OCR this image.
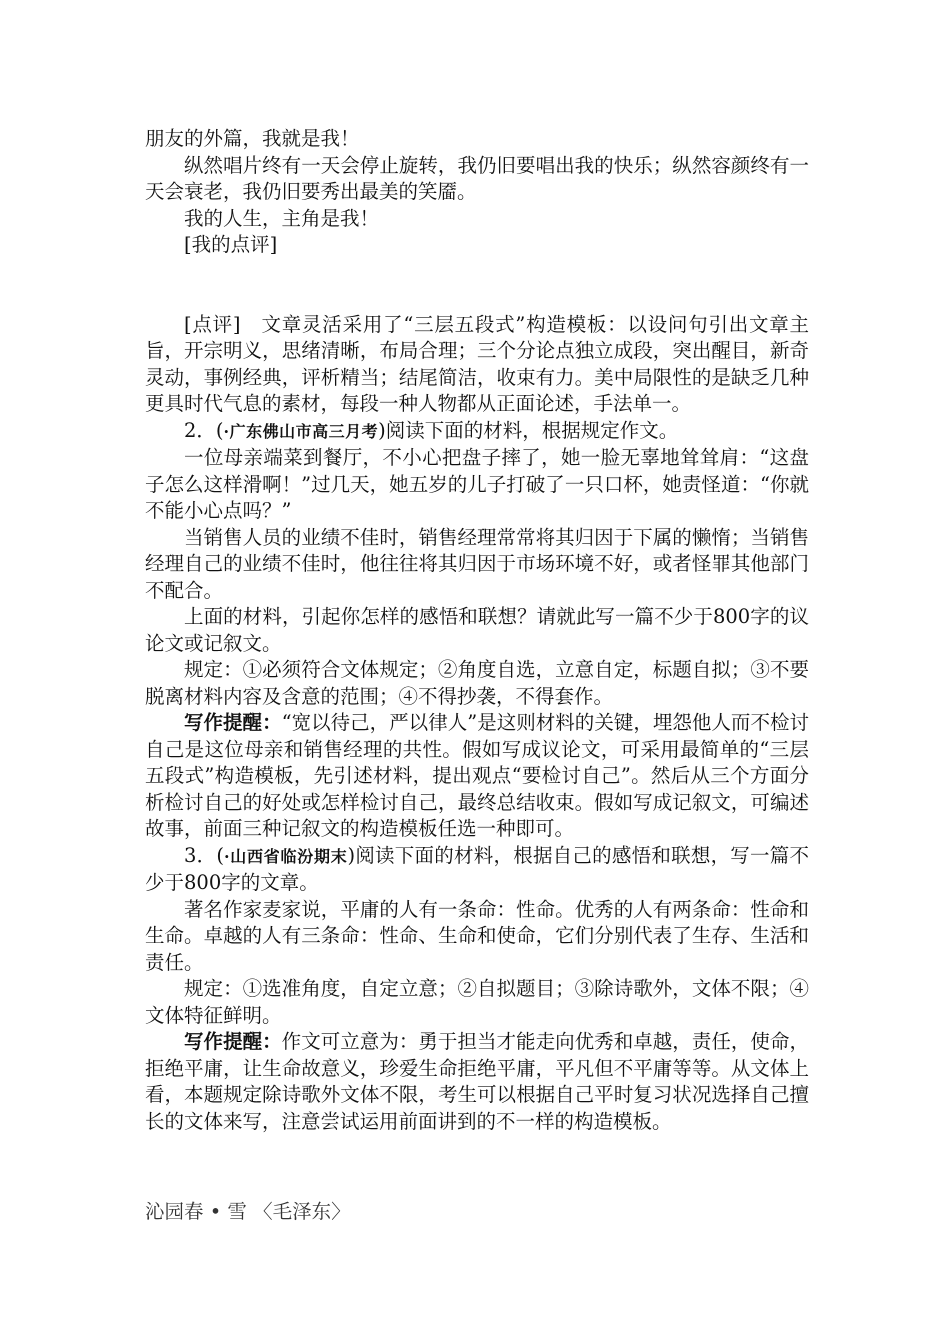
朋友的外篇，我就是我！

纵然唱片终有一天会停止旋转，我仍旧要唱出我的快乐；纵然容颜终有一天会衰老，我仍旧要秀出最美的笑靥。

我的人生，主角是我！

[我的点评]

[点评]　 文章灵活采用了“三层五段式”构造模板：以设问句引出文章主旨，开宗明义，思绪清晰，布局合理；三个分论点独立成段，突出醒目，新奇灵动，事例经典，评析精当；结尾简洁，收束有力。美中局限性的是缺乏几种更具时代气息的素材，每段一种人物都从正面论述，手法单一。

2．(·广东佛山市高三月考)阅读下面的材料，根据规定作文。

一位母亲端菜到餐厅，不小心把盘子摔了，她一脸无辜地耸耸肩：“这盘子怎么这样滑啊！”过几天，她五岁的儿子打破了一只口杯，她责怪道：“你就不能小心点吗？”

当销售人员的业绩不佳时，销售经理常常将其归因于下属的懒惰；当销售经理自己的业绩不佳时，他往往将其归因于市场环境不好，或者怪罪其他部门不配合。

上面的材料，引起你怎样的感悟和联想？请就此写一篇不少于800字的议论文或记叙文。

规定：①必须符合文体规定；②角度自选，立意自定，标题自拟；③不要脱离材料内容及含意的范围；④不得抄袭，不得套作。

写作提醒：“宽以待己，严以律人”是这则材料的关键，埋怨他人而不检讨自己是这位母亲和销售经理的共性。假如写成议论文，可采用最简单的“三层五段式”构造模板，先引述材料，提出观点“要检讨自己”。然后从三个方面分析检讨自己的好处或怎样检讨自己，最终总结收束。假如写成记叙文，可编述故事，前面三种记叙文的构造模板任选一种即可。

3．(·山西省临汾期末)阅读下面的材料，根据自己的感悟和联想，写一篇不少于800字的文章。

著名作家麦家说，平庸的人有一条命：性命。优秀的人有两条命：性命和生命。卓越的人有三条命：性命、生命和使命，它们分别代表了生存、生活和责任。

规定：①选准角度，自定立意；②自拟题目；③除诗歌外，文体不限；④文体特征鲜明。

写作提醒：作文可立意为：勇于担当才能走向优秀和卓越，责任，使命，拒绝平庸，让生命故意义，珍爱生命拒绝平庸，平凡但不平庸等等。从文体上看，本题规定除诗歌外文体不限，考生可以根据自己平时复习状况选择自己擅长的文体来写，注意尝试运用前面讲到的不一样的构造模板。

沁园春 • 雪 〈毛泽东〉
